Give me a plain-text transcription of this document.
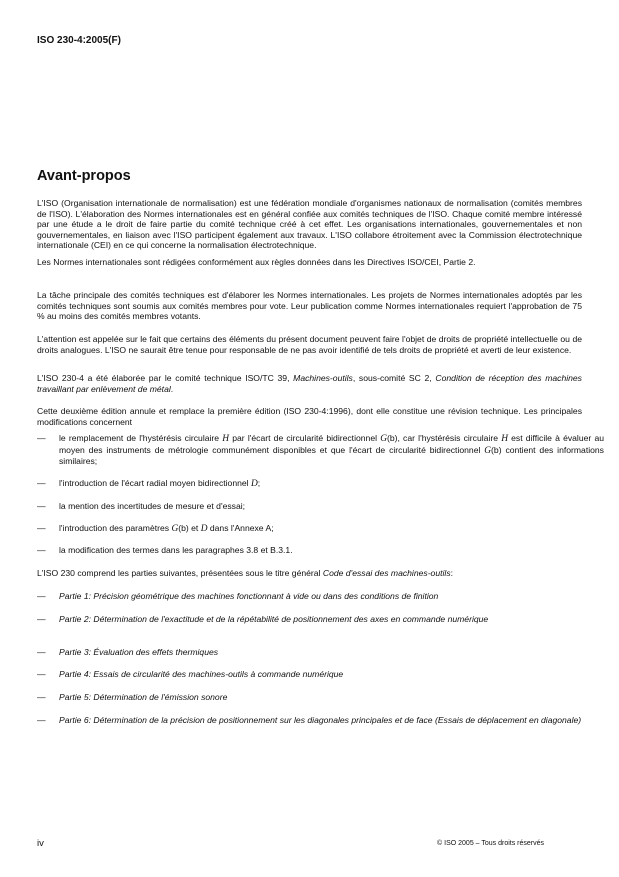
ISO 230-4:2005(F)
Avant-propos
L'ISO (Organisation internationale de normalisation) est une fédération mondiale d'organismes nationaux de normalisation (comités membres de l'ISO). L'élaboration des Normes internationales est en général confiée aux comités techniques de l'ISO. Chaque comité membre intéressé par une étude a le droit de faire partie du comité technique créé à cet effet. Les organisations internationales, gouvernementales et non gouvernementales, en liaison avec l'ISO participent également aux travaux. L'ISO collabore étroitement avec la Commission électrotechnique internationale (CEI) en ce qui concerne la normalisation électrotechnique.
Les Normes internationales sont rédigées conformément aux règles données dans les Directives ISO/CEI, Partie 2.
La tâche principale des comités techniques est d'élaborer les Normes internationales. Les projets de Normes internationales adoptés par les comités techniques sont soumis aux comités membres pour vote. Leur publication comme Normes internationales requiert l'approbation de 75 % au moins des comités membres votants.
L'attention est appelée sur le fait que certains des éléments du présent document peuvent faire l'objet de droits de propriété intellectuelle ou de droits analogues. L'ISO ne saurait être tenue pour responsable de ne pas avoir identifié de tels droits de propriété et averti de leur existence.
L'ISO 230-4 a été élaborée par le comité technique ISO/TC 39, Machines-outils, sous-comité SC 2, Condition de réception des machines travaillant par enlèvement de métal.
Cette deuxième édition annule et remplace la première édition (ISO 230-4:1996), dont elle constitue une révision technique. Les principales modifications concernent
— le remplacement de l'hystérésis circulaire H par l'écart de circularité bidirectionnel G(b), car l'hystérésis circulaire H est difficile à évaluer au moyen des instruments de métrologie communément disponibles et que l'écart de circularité bidirectionnel G(b) contient des informations similaires;
— l'introduction de l'écart radial moyen bidirectionnel D;
— la mention des incertitudes de mesure et d'essai;
— l'introduction des paramètres G(b) et D dans l'Annexe A;
— la modification des termes dans les paragraphes 3.8 et B.3.1.
L'ISO 230 comprend les parties suivantes, présentées sous le titre général Code d'essai des machines-outils:
— Partie 1: Précision géométrique des machines fonctionnant à vide ou dans des conditions de finition
— Partie 2: Détermination de l'exactitude et de la répétabilité de positionnement des axes en commande numérique
— Partie 3: Évaluation des effets thermiques
— Partie 4: Essais de circularité des machines-outils à commande numérique
— Partie 5: Détermination de l'émission sonore
— Partie 6: Détermination de la précision de positionnement sur les diagonales principales et de face (Essais de déplacement en diagonale)
iv	© ISO 2005 – Tous droits réservés
